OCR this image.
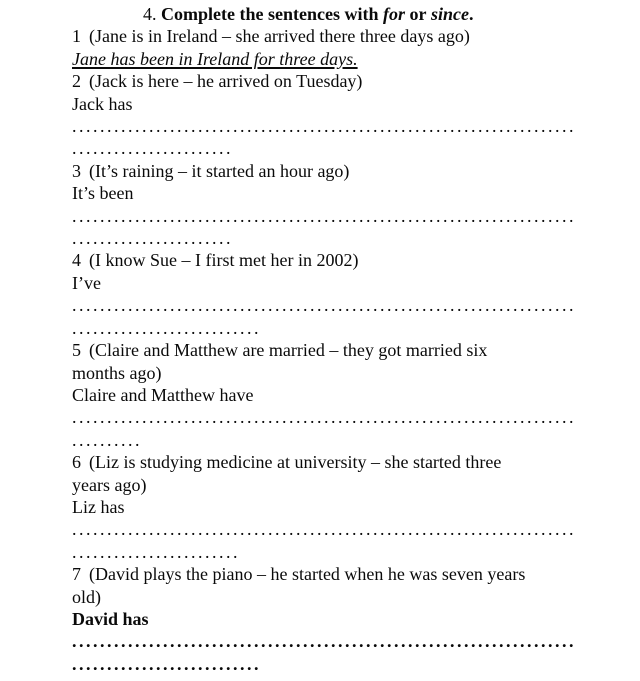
4. Complete the sentences with for or since.
1 (Jane is in Ireland – she arrived there three days ago)
Jane has been in Ireland for three days.
2 (Jack is here – he arrived on Tuesday)
Jack has
........................................................................
.......................
3 (It’s raining – it started an hour ago)
It’s been
........................................................................
.......................
4 (I know Sue – I first met her in 2002)
I’ve
........................................................................
...........................
5 (Claire and Matthew are married – they got married six
months ago)
Claire and Matthew have
........................................................................
..........
6 (Liz is studying medicine at university – she started three
years ago)
Liz has
........................................................................
........................
7 (David plays the piano – he started when he was seven years
old)
David has
........................................................................
...........................
